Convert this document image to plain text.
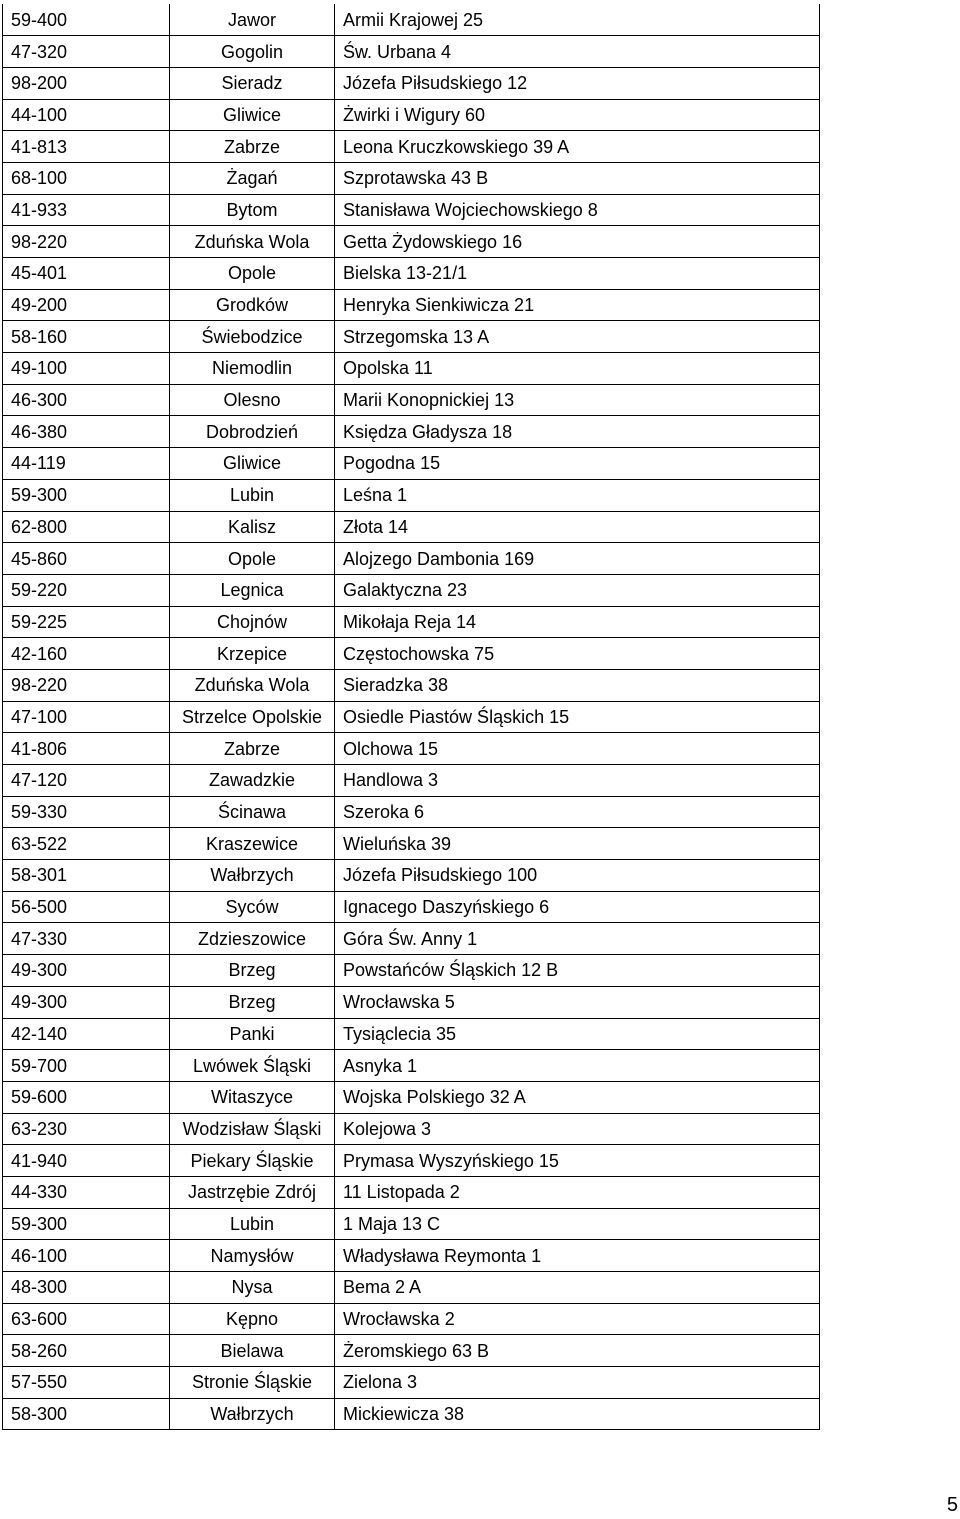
59-400	Jawor	Armii Krajowej 25
47-320	Gogolin	Św. Urbana 4
98-200	Sieradz	Józefa Piłsudskiego 12
44-100	Gliwice	Żwirki i Wigury 60
41-813	Zabrze	Leona Kruczkowskiego 39 A
68-100	Żagań	Szprotawska 43 B
41-933	Bytom	Stanisława Wojciechowskiego 8
98-220	Zduńska Wola	Getta Żydowskiego 16
45-401	Opole	Bielska 13-21/1
49-200	Grodków	Henryka Sienkiwicza 21
58-160	Świebodzice	Strzegomska 13 A
49-100	Niemodlin	Opolska 11
46-300	Olesno	Marii Konopnickiej 13
46-380	Dobrodzień	Księdza Gładysza 18
44-119	Gliwice	Pogodna 15
59-300	Lubin	Leśna 1
62-800	Kalisz	Złota 14
45-860	Opole	Alojzego Dambonia 169
59-220	Legnica	Galaktyczna 23
59-225	Chojnów	Mikołaja Reja 14
42-160	Krzepice	Częstochowska 75
98-220	Zduńska Wola	Sieradzka 38
47-100	Strzelce Opolskie	Osiedle Piastów Śląskich 15
41-806	Zabrze	Olchowa 15
47-120	Zawadzkie	Handlowa 3
59-330	Ścinawa	Szeroka 6
63-522	Kraszewice	Wieluńska 39
58-301	Wałbrzych	Józefa Piłsudskiego 100
56-500	Syców	Ignacego Daszyńskiego 6
47-330	Zdzieszowice	Góra Św. Anny 1
49-300	Brzeg	Powstańców Śląskich 12 B
49-300	Brzeg	Wrocławska 5
42-140	Panki	Tysiąclecia 35
59-700	Lwówek Śląski	Asnyka 1
59-600	Witaszyce	Wojska Polskiego 32 A
63-230	Wodzisław Śląski	Kolejowa 3
41-940	Piekary Śląskie	Prymasa Wyszyńskiego 15
44-330	Jastrzębie Zdrój	11 Listopada 2
59-300	Lubin	1 Maja 13 C
46-100	Namysłów	Władysława Reymonta 1
48-300	Nysa	Bema 2 A
63-600	Kępno	Wrocławska 2
58-260	Bielawa	Żeromskiego 63 B
57-550	Stronie Śląskie	Zielona 3
58-300	Wałbrzych	Mickiewicza 38
5
